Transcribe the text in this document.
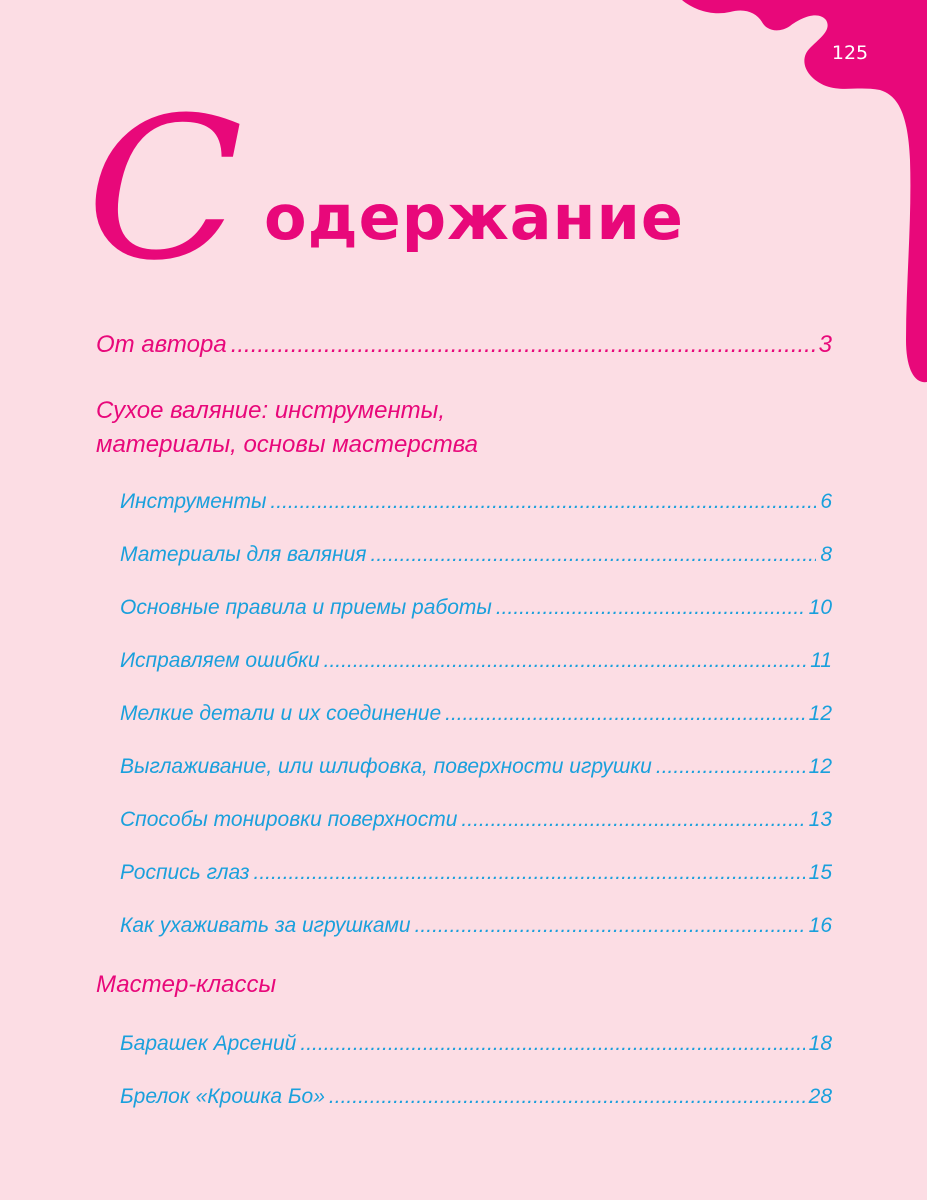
125
С одержание
От автора .....	3
Сухое валяние: инструменты,
материалы, основы мастерства
Инструменты .....	6
Материалы для валяния .....	8
Основные правила и приемы работы .....	10
Исправляем ошибки .....	11
Мелкие детали и их соединение .....	12
Выглаживание, или шлифовка, поверхности игрушки .....	12
Способы тонировки поверхности .....	13
Роспись глаз .....	15
Как ухаживать за игрушками .....	16
Мастер-классы
Барашек Арсений .....	18
Брелок «Крошка Бо» .....	28
